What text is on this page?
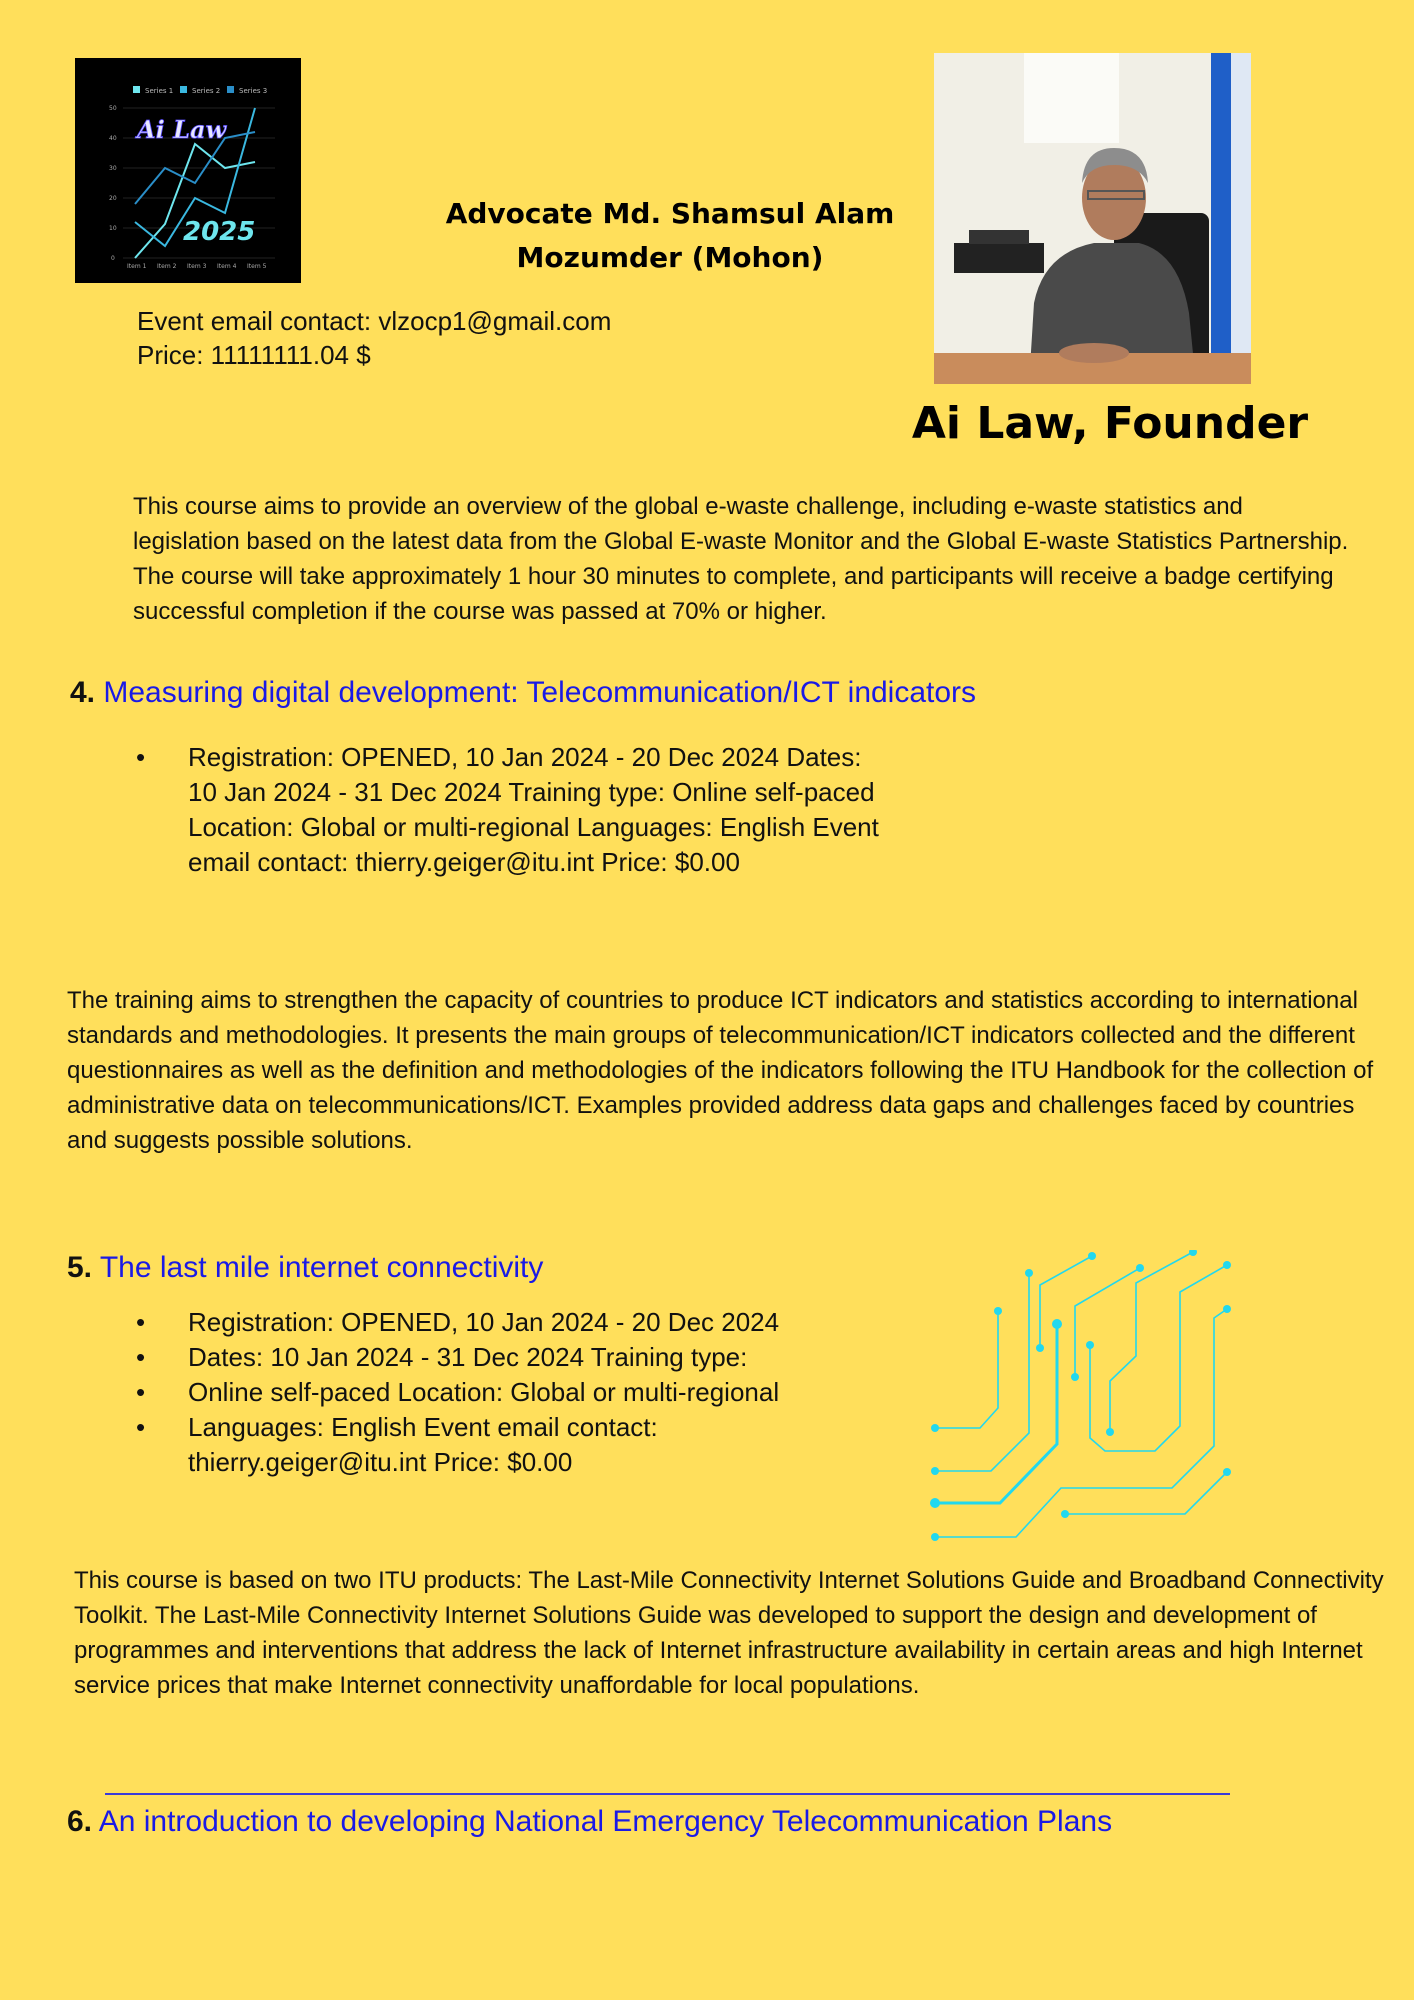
Series 1	Series 2	Series 3
0
10
20
30
40
50
Item 1 Item 2 Item 3 Item 4 Item 5
Ai Law
2025
Advocate Md. Shamsul Alam Mozumder (Mohon)
Event email contact: vlzocp1@gmail.com
Price: 11111111.04 $
Ai Law, Founder
This course aims to provide an overview of the global e-waste challenge, including e-waste statistics and legislation based on the latest data from the Global E-waste Monitor and the Global E-waste Statistics Partnership. The course will take approximately 1 hour 30 minutes to complete, and participants will receive a badge certifying successful completion if the course was passed at 70% or higher.
4. Measuring digital development: Telecommunication/ICT indicators
• Registration: OPENED, 10 Jan 2024 - 20 Dec 2024 Dates: 10 Jan 2024 - 31 Dec 2024 Training type: Online self-paced Location: Global or multi-regional Languages: English Event email contact: thierry.geiger@itu.int Price: $0.00
The training aims to strengthen the capacity of countries to produce ICT indicators and statistics according to international standards and methodologies. It presents the main groups of telecommunication/ICT indicators collected and the different questionnaires as well as the definition and methodologies of the indicators following the ITU Handbook for the collection of administrative data on telecommunications/ICT. Examples provided address data gaps and challenges faced by countries and suggests possible solutions.
5. The last mile internet connectivity
• Registration: OPENED, 10 Jan 2024 - 20 Dec 2024
• Dates: 10 Jan 2024 - 31 Dec 2024 Training type:
• Online self-paced Location: Global or multi-regional
• Languages: English Event email contact: thierry.geiger@itu.int Price: $0.00
This course is based on two ITU products: The Last-Mile Connectivity Internet Solutions Guide and Broadband Connectivity Toolkit. The Last-Mile Connectivity Internet Solutions Guide was developed to support the design and development of programmes and interventions that address the lack of Internet infrastructure availability in certain areas and high Internet service prices that make Internet connectivity unaffordable for local populations.
6. An introduction to developing National Emergency Telecommunication Plans
